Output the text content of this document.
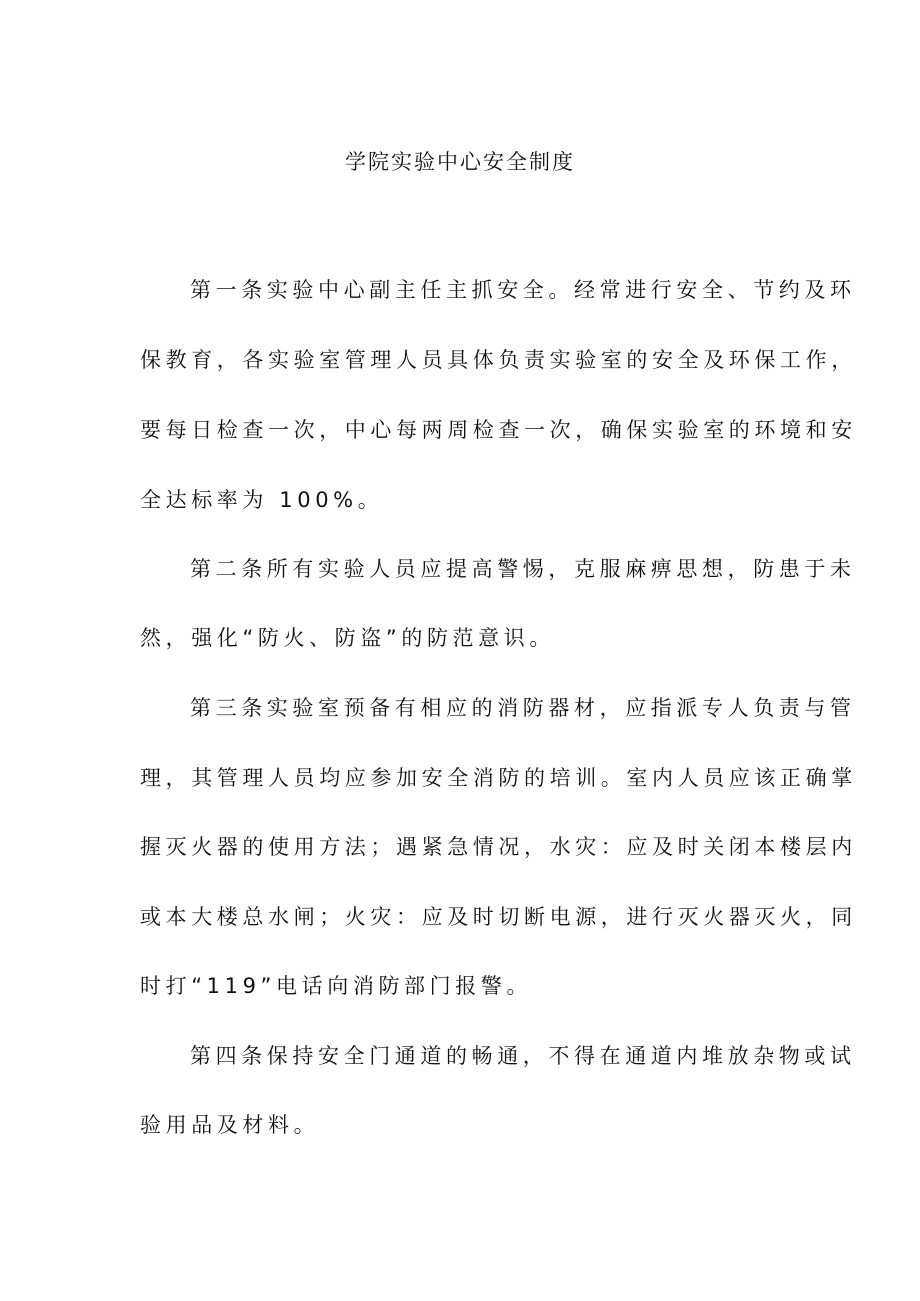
学院实验中心安全制度

第一条实验中心副主任主抓安全。经常进行安全、节约及环

保教育，各实验室管理人员具体负责实验室的安全及环保工作，

要每日检查一次，中心每两周检查一次，确保实验室的环境和安

全达标率为 100%。

第二条所有实验人员应提高警惕，克服麻痹思想，防患于未

然，强化“防火、防盗”的防范意识。

第三条实验室预备有相应的消防器材，应指派专人负责与管

理，其管理人员均应参加安全消防的培训。室内人员应该正确掌

握灭火器的使用方法；遇紧急情况，水灾：应及时关闭本楼层内

或本大楼总水闸；火灾：应及时切断电源，进行灭火器灭火，同

时打“119”电话向消防部门报警。

第四条保持安全门通道的畅通，不得在通道内堆放杂物或试

验用品及材料。
